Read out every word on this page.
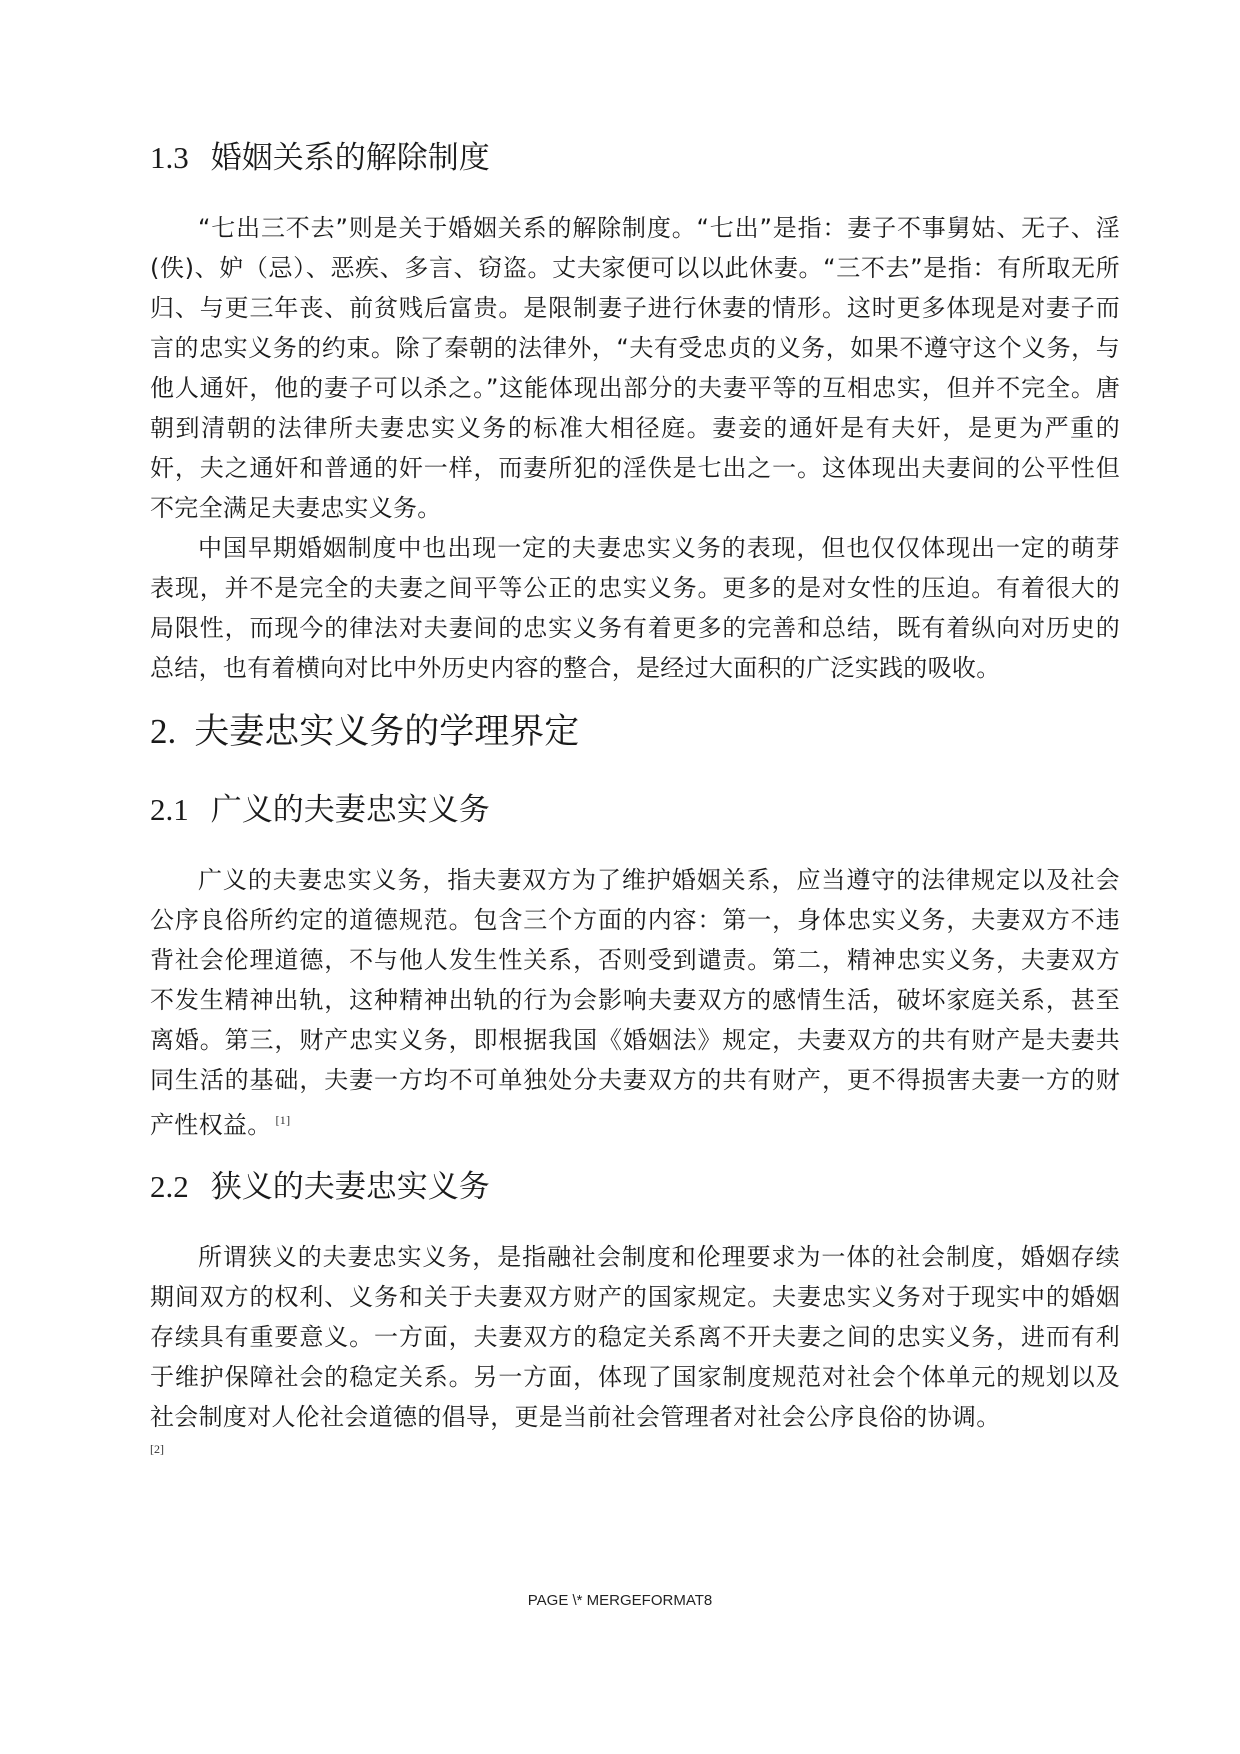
1.3 婚姻关系的解除制度

“七出三不去”则是关于婚姻关系的解除制度。“七出”是指：妻子不事舅姑、无子、淫(佚)、妒（忌）、恶疾、多言、窃盗。丈夫家便可以以此休妻。“三不去”是指：有所取无所归、与更三年丧、前贫贱后富贵。是限制妻子进行休妻的情形。这时更多体现是对妻子而言的忠实义务的约束。除了秦朝的法律外，“夫有受忠贞的义务，如果不遵守这个义务，与他人通奸，他的妻子可以杀之。”这能体现出部分的夫妻平等的互相忠实，但并不完全。唐朝到清朝的法律所夫妻忠实义务的标准大相径庭。妻妾的通奸是有夫奸，是更为严重的奸，夫之通奸和普通的奸一样，而妻所犯的淫佚是七出之一。这体现出夫妻间的公平性但不完全满足夫妻忠实义务。

中国早期婚姻制度中也出现一定的夫妻忠实义务的表现，但也仅仅体现出一定的萌芽表现，并不是完全的夫妻之间平等公正的忠实义务。更多的是对女性的压迫。有着很大的局限性，而现今的律法对夫妻间的忠实义务有着更多的完善和总结，既有着纵向对历史的总结，也有着横向对比中外历史内容的整合，是经过大面积的广泛实践的吸收。

2. 夫妻忠实义务的学理界定
2.1 广义的夫妻忠实义务

广义的夫妻忠实义务，指夫妻双方为了维护婚姻关系，应当遵守的法律规定以及社会公序良俗所约定的道德规范。包含三个方面的内容：第一，身体忠实义务，夫妻双方不违背社会伦理道德，不与他人发生性关系，否则受到谴责。第二，精神忠实义务，夫妻双方不发生精神出轨，这种精神出轨的行为会影响夫妻双方的感情生活，破坏家庭关系，甚至离婚。第三，财产忠实义务，即根据我国《婚姻法》规定，夫妻双方的共有财产是夫妻共同生活的基础，夫妻一方均不可单独处分夫妻双方的共有财产，更不得损害夫妻一方的财产性权益。 [1]

2.2 狭义的夫妻忠实义务

所谓狭义的夫妻忠实义务，是指融社会制度和伦理要求为一体的社会制度，婚姻存续期间双方的权利、义务和关于夫妻双方财产的国家规定。夫妻忠实义务对于现实中的婚姻存续具有重要意义。一方面，夫妻双方的稳定关系离不开夫妻之间的忠实义务，进而有利于维护保障社会的稳定关系。另一方面，体现了国家制度规范对社会个体单元的规划以及社会制度对人伦社会道德的倡导，更是当前社会管理者对社会公序良俗的协调。

[2]
PAGE \* MERGEFORMAT8
